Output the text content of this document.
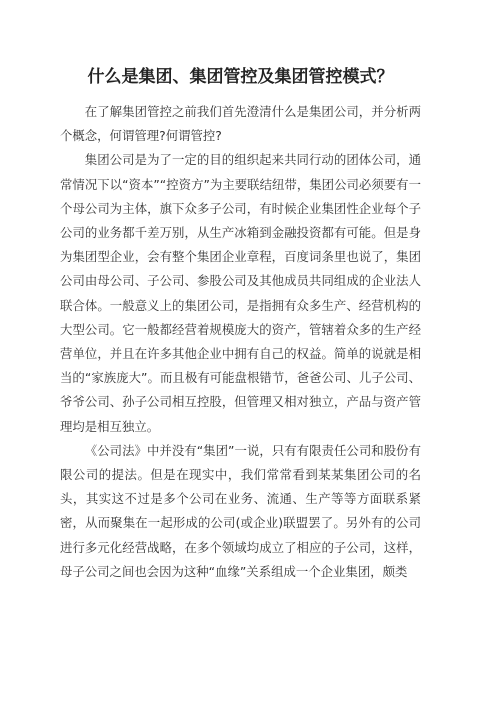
什么是集团、集团管控及集团管控模式？

在了解集团管控之前我们首先澄清什么是集团公司，并分析两个概念，何谓管理?何谓管控?

集团公司是为了一定的目的组织起来共同行动的团体公司，通常情况下以“资本”“控资方”为主要联结纽带，集团公司必须要有一个母公司为主体，旗下众多子公司，有时候企业集团性企业每个子公司的业务都千差万别，从生产冰箱到金融投资都有可能。但是身为集团型企业，会有整个集团企业章程，百度词条里也说了，集团公司由母公司、子公司、参股公司及其他成员共同组成的企业法人联合体。一般意义上的集团公司，是指拥有众多生产、经营机构的大型公司。它一般都经营着规模庞大的资产，管辖着众多的生产经营单位，并且在许多其他企业中拥有自己的权益。简单的说就是相当的“家族庞大”。而且极有可能盘根错节，爸爸公司、儿子公司、爷爷公司、孙子公司相互控股，但管理又相对独立，产品与资产管理均是相互独立。

《公司法》中并没有“集团”一说，只有有限责任公司和股份有限公司的提法。但是在现实中，我们常常看到某某集团公司的名头，其实这不过是多个公司在业务、流通、生产等等方面联系紧密，从而聚集在一起形成的公司(或企业)联盟罢了。另外有的公司进行多元化经营战略，在多个领域均成立了相应的子公司，这样，母子公司之间也会因为这种“血缘”关系组成一个企业集团，颇类
